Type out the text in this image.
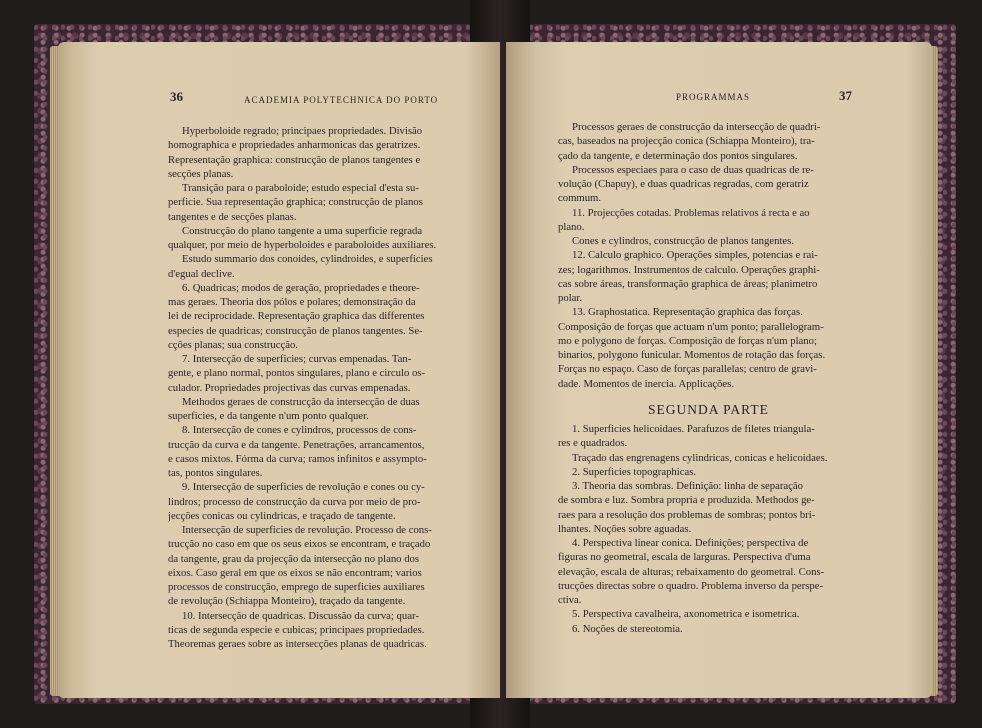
36	ACADEMIA POLYTECHNICA DO PORTO
Hyperboloide regrado; principaes propriedades. Divisão
homographica e propriedades anharmonicas das geratrizes.
Representação graphica: construcção de planos tangentes e
secções planas.
Transição para o paraboloide; estudo especial d'esta su-
perficie. Sua representação graphica; construcção de planos
tangentes e de secções planas.
Construcção do plano tangente a uma superficie regrada
qualquer, por meio de hyperboloides e paraboloides auxiliares.
Estudo summario dos conoides, cylindroides, e superficies
d'egual declive.
6. Quadricas; modos de geração, propriedades e theore-
mas geraes. Theoria dos pólos e polares; demonstração da
lei de reciprocidade. Representação graphica das differentes
especies de quadricas; construcção de planos tangentes. Se-
cções planas; sua construcção.
7. Intersecção de superficies; curvas empenadas. Tan-
gente, e plano normal, pontos singulares, plano e circulo os-
culador. Propriedades projectivas das curvas empenadas.
Methodos geraes de construcção da intersecção de duas
superficies, e da tangente n'um ponto qualquer.
8. Intersecção de cones e cylindros, processos de cons-
trucção da curva e da tangente. Penetrações, arrancamentos,
e casos mixtos. Fórma da curva; ramos infinitos e assympto-
tas, pontos singulares.
9. Intersecção de superficies de revolução e cones ou cy-
lindros; processo de construcção da curva por meio de pro-
jecções conicas ou cylindricas, e traçado de tangente.
Intersecção de superficies de revolução. Processo de cons-
trucção no caso em que os seus eixos se encontram, e traçado
da tangente, grau da projecção da intersecção no plano dos
eixos. Caso geral em que os eixos se não encontram; varios
processos de construcção, emprego de superficies auxiliares
de revolução (Schiappa Monteiro), traçado da tangente.
10. Intersecção de quadricas. Discussão da curva; quar-
ticas de segunda especie e cubicas; principaes propriedades.
Theoremas geraes sobre as intersecções planas de quadricas.
PROGRAMMAS	37
Processos geraes de construcção da intersecção de quadri-
cas, baseados na projecção conica (Schiappa Monteiro), tra-
çado da tangente, e determinação dos pontos singulares.
Processos especiaes para o caso de duas quadricas de re-
volução (Chapuy), e duas quadricas regradas, com geratriz
commum.
11. Projecções cotadas. Problemas relativos á recta e ao
plano.
Cones e cylindros, construcção de planos tangentes.
12. Calculo graphico. Operações simples, potencias e rai-
zes; logarithmos. Instrumentos de calculo. Operações graphi-
cas sobre áreas, transformação graphica de áreas; planimetro
polar.
13. Graphostatica. Representação graphica das forças.
Composição de forças que actuam n'um ponto; parallelogram-
mo e polygono de forças. Composição de forças n'um plano;
binarios, polygono funicular. Momentos de rotação das forças.
Forças no espaço. Caso de forças parallelas; centro de gravi-
dade. Momentos de inercia. Applicações.
SEGUNDA PARTE
1. Superficies helicoidaes. Parafuzos de filetes triangula-
res e quadrados.
Traçado das engrenagens cylindricas, conicas e helicoidaes.
2. Superficies topographicas.
3. Theoria das sombras. Definição: linha de separação
de sombra e luz. Sombra propria e produzida. Methodos ge-
raes para a resolução dos problemas de sombras; pontos bri-
lhantes. Noções sobre aguadas.
4. Perspectiva linear conica. Definições; perspectiva de
figuras no geometral, escala de larguras. Perspectiva d'uma
elevação, escala de alturas; rebaixamento do geometral. Cons-
trucções directas sobre o quadro. Problema inverso da perspe-
ctiva.
5. Perspectiva cavalheira, axonometrica e isometrica.
6. Noções de stereotomia.
